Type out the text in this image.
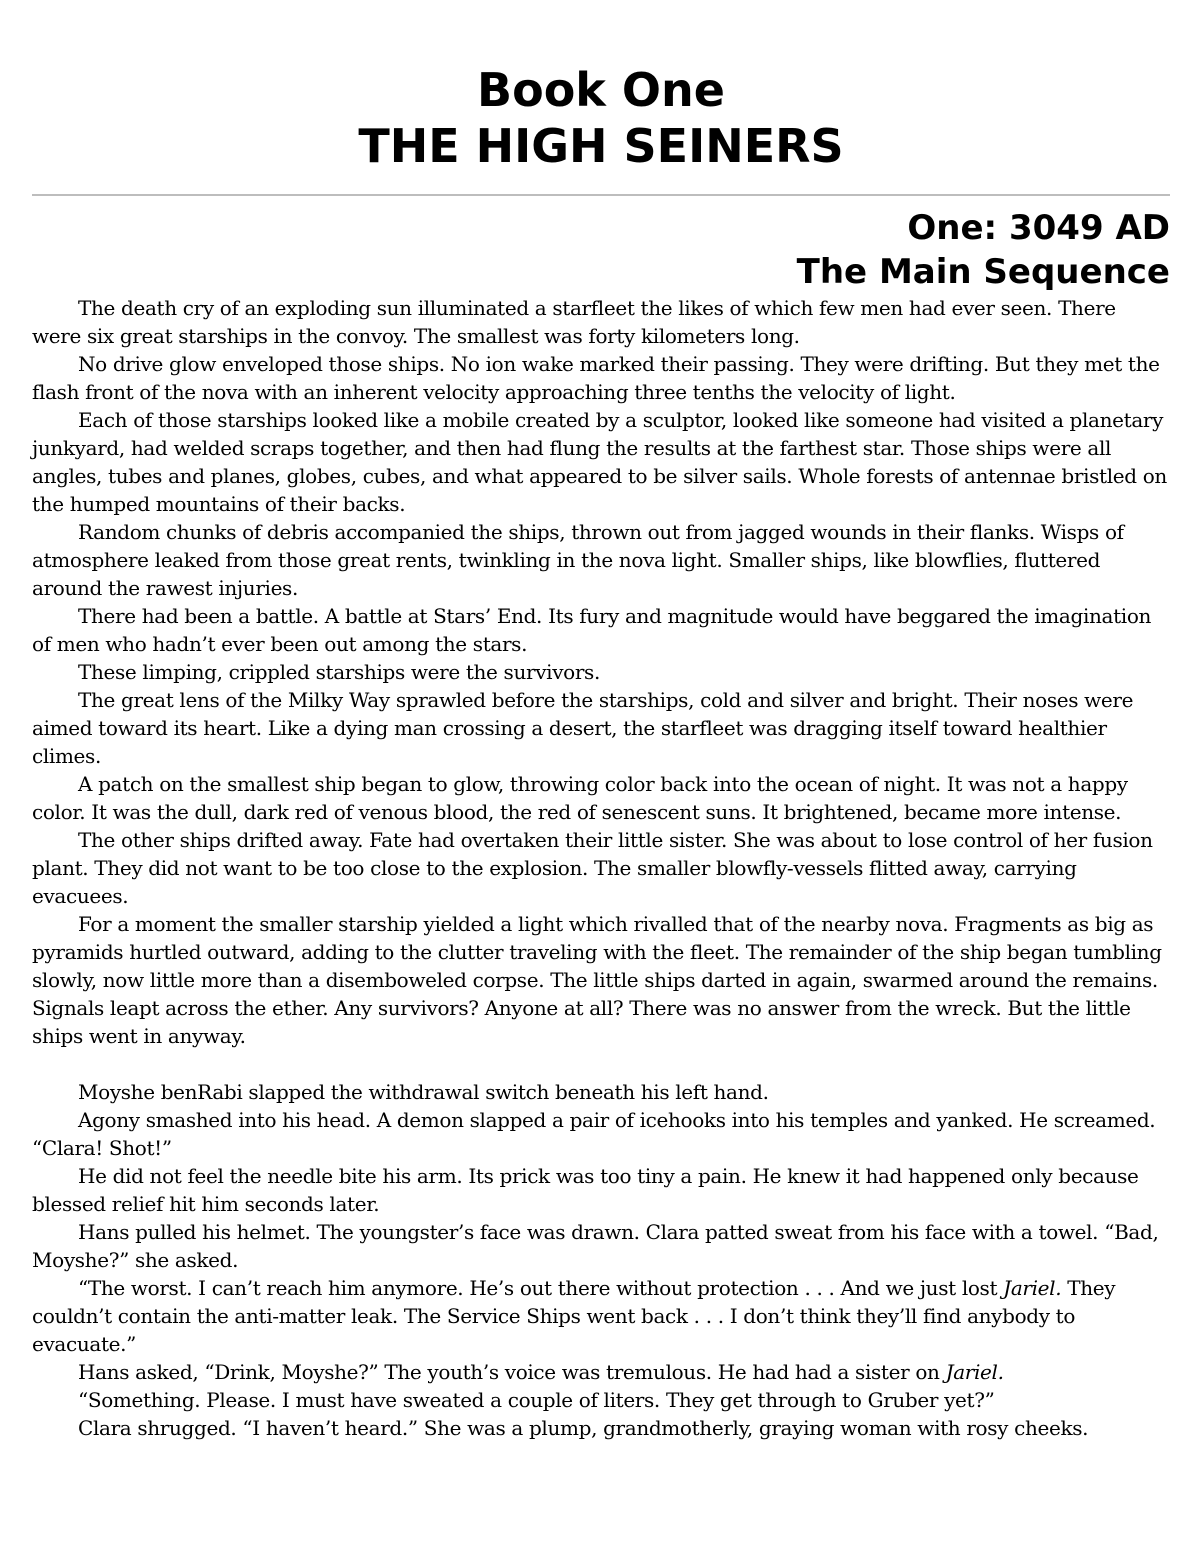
Book One
THE HIGH SEINERS
One: 3049 AD
The Main Sequence

The death cry of an exploding sun illuminated a starfleet the likes of which few men had ever seen. There were six great starships in the convoy. The smallest was forty kilometers long.

No drive glow enveloped those ships. No ion wake marked their passing. They were drifting. But they met the flash front of the nova with an inherent velocity approaching three tenths the velocity of light.

Each of those starships looked like a mobile created by a sculptor, looked like someone had visited a planetary junkyard, had welded scraps together, and then had flung the results at the farthest star. Those ships were all angles, tubes and planes, globes, cubes, and what appeared to be silver sails. Whole forests of antennae bristled on the humped mountains of their backs.

Random chunks of debris accompanied the ships, thrown out from jagged wounds in their flanks. Wisps of atmosphere leaked from those great rents, twinkling in the nova light. Smaller ships, like blowflies, fluttered around the rawest injuries.

There had been a battle. A battle at Stars’ End. Its fury and magnitude would have beggared the imagination of men who hadn’t ever been out among the stars.

These limping, crippled starships were the survivors.

The great lens of the Milky Way sprawled before the starships, cold and silver and bright. Their noses were aimed toward its heart. Like a dying man crossing a desert, the starfleet was dragging itself toward healthier climes.

A patch on the smallest ship began to glow, throwing color back into the ocean of night. It was not a happy color. It was the dull, dark red of venous blood, the red of senescent suns. It brightened, became more intense.

The other ships drifted away. Fate had overtaken their little sister. She was about to lose control of her fusion plant. They did not want to be too close to the explosion. The smaller blowfly-vessels flitted away, carrying evacuees.

For a moment the smaller starship yielded a light which rivalled that of the nearby nova. Fragments as big as pyramids hurtled outward, adding to the clutter traveling with the fleet. The remainder of the ship began tumbling slowly, now little more than a disemboweled corpse. The little ships darted in again, swarmed around the remains. Signals leapt across the ether. Any survivors? Anyone at all? There was no answer from the wreck. But the little ships went in anyway.

Moyshe benRabi slapped the withdrawal switch beneath his left hand.

Agony smashed into his head. A demon slapped a pair of icehooks into his temples and yanked. He screamed. “Clara! Shot!”

He did not feel the needle bite his arm. Its prick was too tiny a pain. He knew it had happened only because blessed relief hit him seconds later.

Hans pulled his helmet. The youngster’s face was drawn. Clara patted sweat from his face with a towel. “Bad, Moyshe?” she asked.

“The worst. I can’t reach him anymore. He’s out there without protection . . . And we just lost Jariel. They couldn’t contain the anti-matter leak. The Service Ships went back . . . I don’t think they’ll find anybody to evacuate.”

Hans asked, “Drink, Moyshe?” The youth’s voice was tremulous. He had had a sister on Jariel.

“Something. Please. I must have sweated a couple of liters. They get through to Gruber yet?”

Clara shrugged. “I haven’t heard.” She was a plump, grandmotherly, graying woman with rosy cheeks.
